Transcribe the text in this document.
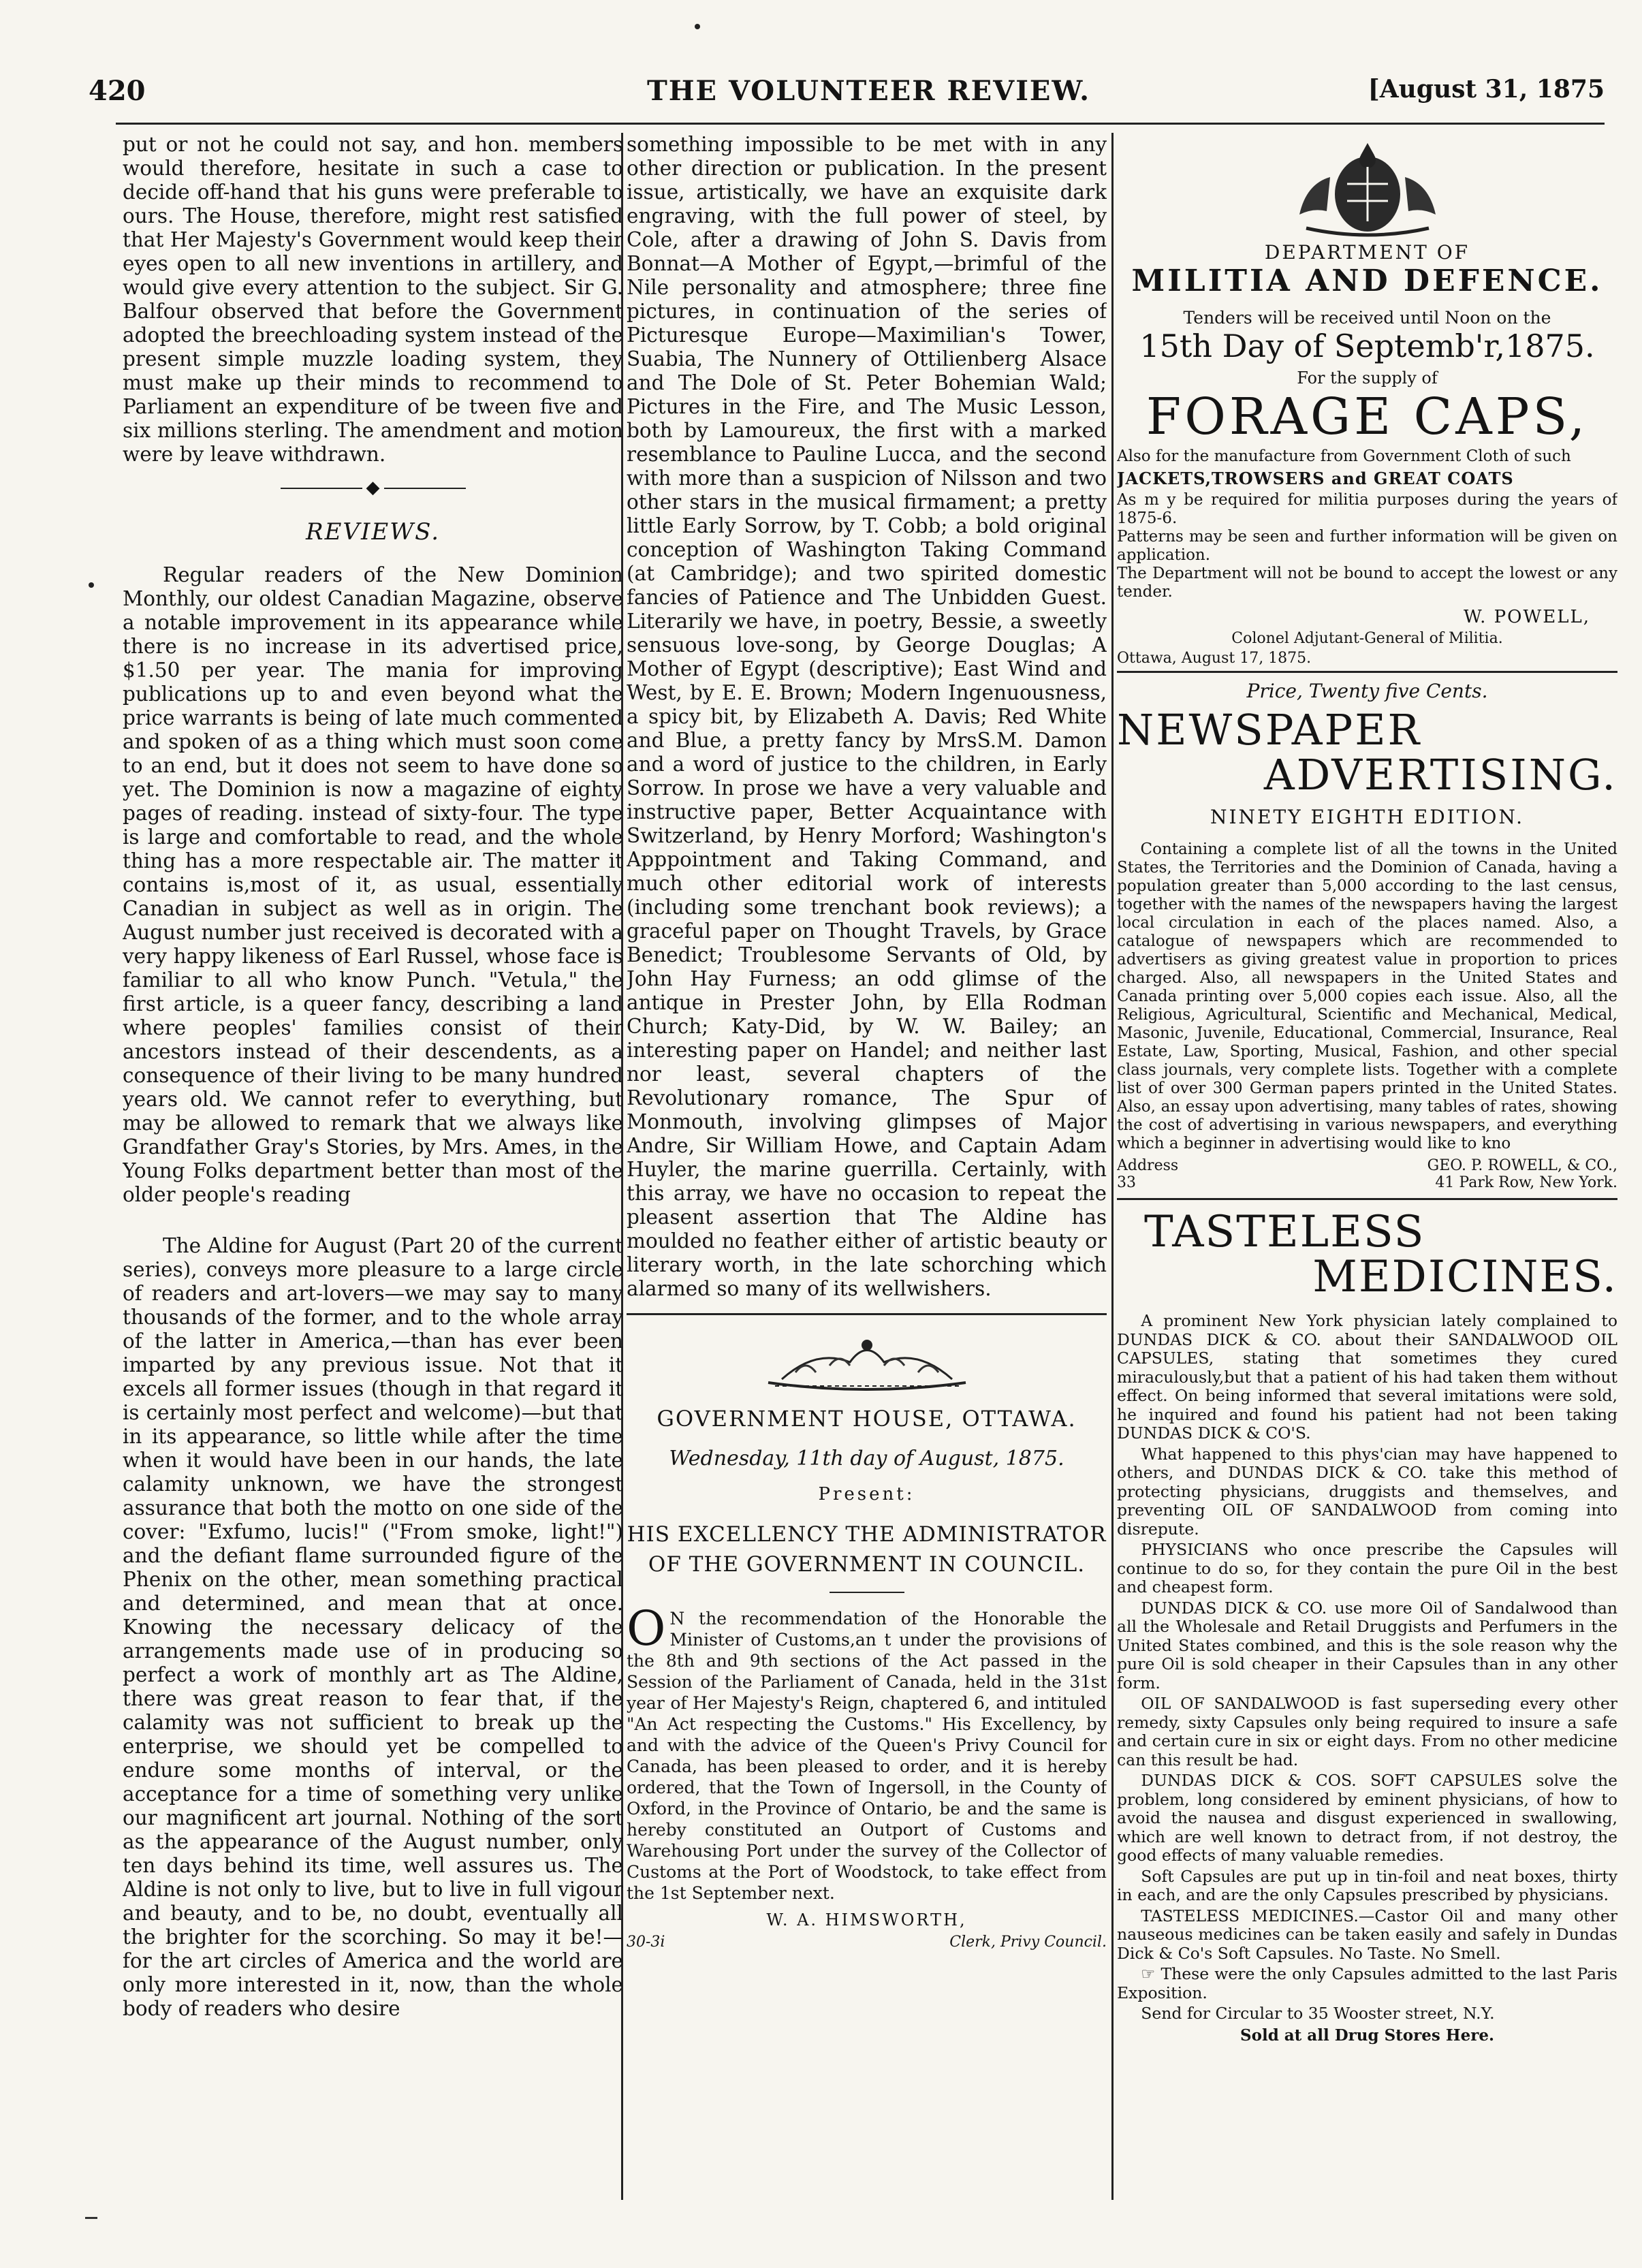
420	THE VOLUNTEER REVIEW.	[August 31, 1875

put or not he could not say, and hon. members would therefore, hesitate in such a case to decide off-hand that his guns were preferable to ours. The House, therefore, might rest satisfied that Her Majesty's Government would keep their eyes open to all new inventions in artillery, and would give every attention to the subject. Sir G. Balfour observed that before the Government adopted the breechloading system instead of the present simple muzzle loading system, they must make up their minds to recommend to Parliament an expenditure of be tween five and six millions sterling. The amendment and motion were by leave withdrawn.

◆
REVIEWS.

Regular readers of the New Dominion Monthly, our oldest Canadian Magazine, observe a notable improvement in its appearance while there is no increase in its advertised price, $1.50 per year. The mania for improving publications up to and even beyond what the price warrants is being of late much commented and spoken of as a thing which must soon come to an end, but it does not seem to have done so yet. The Dominion is now a magazine of eighty pages of reading. instead of sixty-four. The type is large and comfortable to read, and the whole thing has a more respectable air. The matter it contains is,most of it, as usual, essentially Canadian in subject as well as in origin. The August number just received is decorated with a very happy likeness of Earl Russel, whose face is familiar to all who know Punch. "Vetula," the first article, is a queer fancy, describing a land where peoples' families consist of their ancestors instead of their descendents, as a consequence of their living to be many hundred years old. We cannot refer to everything, but may be allowed to remark that we always like Grandfather Gray's Stories, by Mrs. Ames, in the Young Folks department better than most of the older people's reading

The Aldine for August (Part 20 of the current series), conveys more pleasure to a large circle of readers and art-lovers—we may say to many thousands of the former, and to the whole array of the latter in America,—than has ever been imparted by any previous issue. Not that it excels all former issues (though in that regard it is certainly most perfect and welcome)—but that in its appearance, so little while after the time when it would have been in our hands, the late calamity unknown, we have the strongest assurance that both the motto on one side of the cover: "Exfumo, lucis!" ("From smoke, light!") and the defiant flame surrounded figure of the Phenix on the other, mean something practical and determined, and mean that at once. Knowing the necessary delicacy of the arrangements made use of in producing so perfect a work of monthly art as The Aldine, there was great reason to fear that, if the calamity was not sufficient to break up the enterprise, we should yet be compelled to endure some months of interval, or the acceptance for a time of something very unlike our magnificent art journal. Nothing of the sort as the appearance of the August number, only ten days behind its time, well assures us. The Aldine is not only to live, but to live in full vigour and beauty, and to be, no doubt, eventually all the brighter for the scorching. So may it be!—for the art circles of America and the world are only more interested in it, now, than the whole body of readers who desire

something impossible to be met with in any other direction or publication. In the present issue, artistically, we have an exquisite dark engraving, with the full power of steel, by Cole, after a drawing of John S. Davis from Bonnat—A Mother of Egypt,—brimful of the Nile personality and atmosphere; three fine pictures, in continuation of the series of Picturesque Europe—Maximilian's Tower, Suabia, The Nunnery of Ottilienberg Alsace and The Dole of St. Peter Bohemian Wald; Pictures in the Fire, and The Music Lesson, both by Lamoureux, the first with a marked resemblance to Pauline Lucca, and the second with more than a suspicion of Nilsson and two other stars in the musical firmament; a pretty little Early Sorrow, by T. Cobb; a bold original conception of Washington Taking Command (at Cambridge); and two spirited domestic fancies of Patience and The Unbidden Guest. Literarily we have, in poetry, Bessie, a sweetly sensuous love-song, by George Douglas; A Mother of Egypt (descriptive); East Wind and West, by E. E. Brown; Modern Ingenuousness, a spicy bit, by Elizabeth A. Davis; Red White and Blue, a pretty fancy by MrsS.M. Damon and a word of justice to the children, in Early Sorrow. In prose we have a very valuable and instructive paper, Better Acquaintance with Switzerland, by Henry Morford; Washington's Apppointment and Taking Command, and much other editorial work of interests (including some trenchant book reviews); a graceful paper on Thought Travels, by Grace Benedict; Troublesome Servants of Old, by John Hay Furness; an odd glimse of the antique in Prester John, by Ella Rodman Church; Katy-Did, by W. W. Bailey; an interesting paper on Handel; and neither last nor least, several chapters of the Revolutionary romance, The Spur of Monmouth, involving glimpses of Major Andre, Sir William Howe, and Captain Adam Huyler, the marine guerrilla. Certainly, with this array, we have no occasion to repeat the pleasent assertion that The Aldine has moulded no feather either of artistic beauty or literary worth, in the late schorching which alarmed so many of its wellwishers.

GOVERNMENT HOUSE, OTTAWA.
Wednesday, 11th day of August, 1875.
Present:
HIS EXCELLENCY THE ADMINISTRATOR OF THE GOVERNMENT IN COUNCIL.

ON the recommendation of the Honorable the Minister of Customs,an t under the provisions of the 8th and 9th sections of the Act passed in the Session of the Parliament of Canada, held in the 31st year of Her Majesty's Reign, chaptered 6, and intituled "An Act respecting the Customs." His Excellency, by and with the advice of the Queen's Privy Council for Canada, has been pleased to order, and it is hereby ordered, that the Town of Ingersoll, in the County of Oxford, in the Province of Ontario, be and the same is hereby constituted an Outport of Customs and Warehousing Port under the survey of the Collector of Customs at the Port of Woodstock, to take effect from the 1st September next.

W. A. HIMSWORTH,
30-3i	Clerk, Privy Council.
DEPARTMENT OF
MILITIA AND DEFENCE.
Tenders will be received until Noon on the
15th Day of Septemb'r,1875.
For the supply of
FORAGE CAPS,

Also for the manufacture from Government Cloth of such

JACKETS,TROWSERS and GREAT COATS

As m y be required for militia purposes during the years of 1875-6.

Patterns may be seen and further information will be given on application.

The Department will not be bound to accept the lowest or any tender.

W. POWELL,
Colonel Adjutant-General of Militia.
Ottawa, August 17, 1875.
Price, Twenty five Cents.
NEWSPAPER
ADVERTISING.
NINETY EIGHTH EDITION.

Containing a complete list of all the towns in the United States, the Territories and the Dominion of Canada, having a population greater than 5,000 according to the last census, together with the names of the newspapers having the largest local circulation in each of the places named. Also, a catalogue of newspapers which are recommended to advertisers as giving greatest value in proportion to prices charged. Also, all newspapers in the United States and Canada printing over 5,000 copies each issue. Also, all the Religious, Agricultural, Scientific and Mechanical, Medical, Masonic, Juvenile, Educational, Commercial, Insurance, Real Estate, Law, Sporting, Musical, Fashion, and other special class journals, very complete lists. Together with a complete list of over 300 German papers printed in the United States. Also, an essay upon advertising, many tables of rates, showing the cost of advertising in various newspapers, and everything which a beginner in advertising would like to kno

Address	GEO. P. ROWELL, & CO.,
33	41 Park Row, New York.
TASTELESS
MEDICINES.

A prominent New York physician lately complained to DUNDAS DICK & CO. about their SANDALWOOD OIL CAPSULES, stating that sometimes they cured miraculously,but that a patient of his had taken them without effect. On being informed that several imitations were sold, he inquired and found his patient had not been taking DUNDAS DICK & CO'S.

What happened to this phys'cian may have happened to others, and DUNDAS DICK & CO. take this method of protecting physicians, druggists and themselves, and preventing OIL OF SANDALWOOD from coming into disrepute.

PHYSICIANS who once prescribe the Capsules will continue to do so, for they contain the pure Oil in the best and cheapest form.

DUNDAS DICK & CO. use more Oil of Sandalwood than all the Wholesale and Retail Druggists and Perfumers in the United States combined, and this is the sole reason why the pure Oil is sold cheaper in their Capsules than in any other form.

OIL OF SANDALWOOD is fast superseding every other remedy, sixty Capsules only being required to insure a safe and certain cure in six or eight days. From no other medicine can this result be had.

DUNDAS DICK & COS. SOFT CAPSULES solve the problem, long considered by eminent physicians, of how to avoid the nausea and disgust experienced in swallowing, which are well known to detract from, if not destroy, the good effects of many valuable remedies.

Soft Capsules are put up in tin-foil and neat boxes, thirty in each, and are the only Capsules prescribed by physicians.

TASTELESS MEDICINES.—Castor Oil and many other nauseous medicines can be taken easily and safely in Dundas Dick & Co's Soft Capsules. No Taste. No Smell.

☞ These were the only Capsules admitted to the last Paris Exposition.

Send for Circular to 35 Wooster street, N.Y.

Sold at all Drug Stores Here.
